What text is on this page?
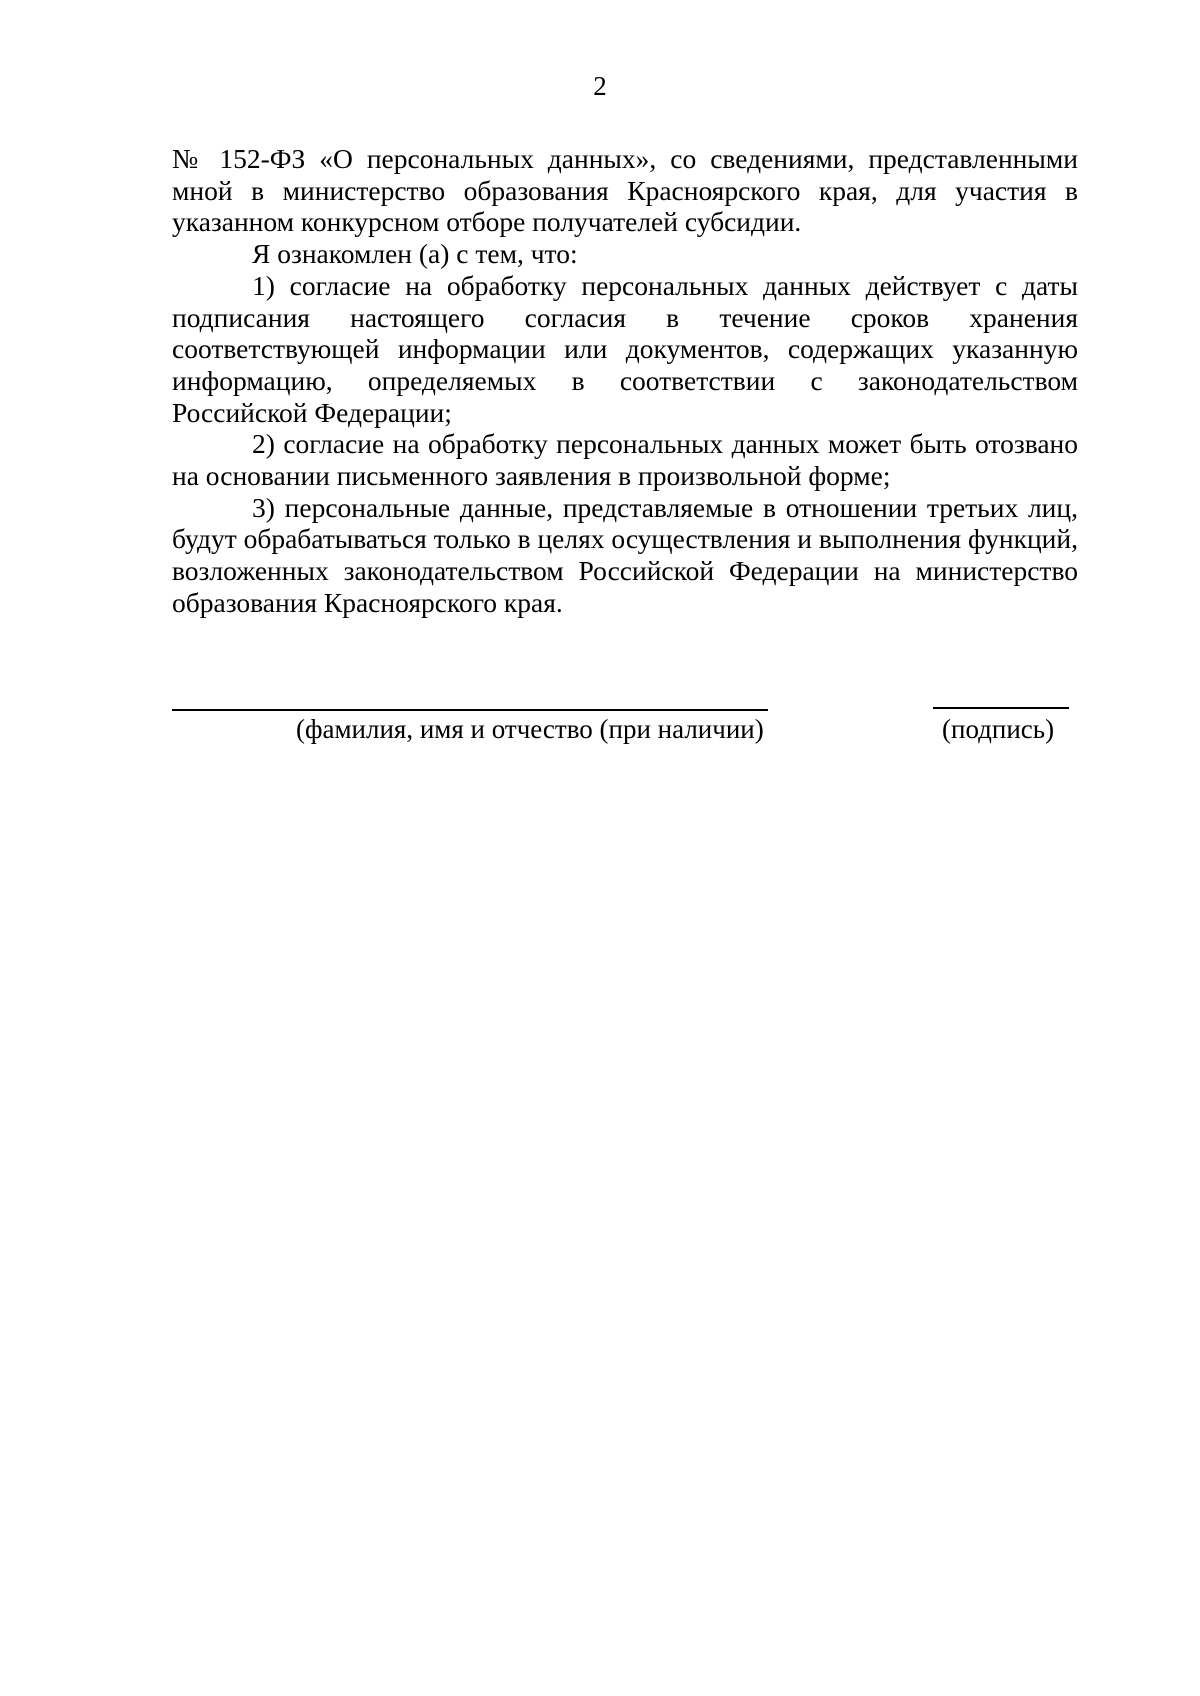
2

№ 152-ФЗ «О персональных данных», со сведениями, представленными мной в министерство образования Красноярского края, для участия в указанном конкурсном отборе получателей субсидии.

Я ознакомлен (а) с тем, что:

1) согласие на обработку персональных данных действует с даты подписания настоящего согласия в течение сроков хранения соответствующей информации или документов, содержащих указанную информацию, определяемых в соответствии с законодательством Российской Федерации;

2) согласие на обработку персональных данных может быть отозвано на основании письменного заявления в произвольной форме;

3) персональные данные, представляемые в отношении третьих лиц, будут обрабатываться только в целях осуществления и выполнения функций, возложенных законодательством Российской Федерации на министерство образования Красноярского края.

(фамилия, имя и отчество (при наличии)	(подпись)
